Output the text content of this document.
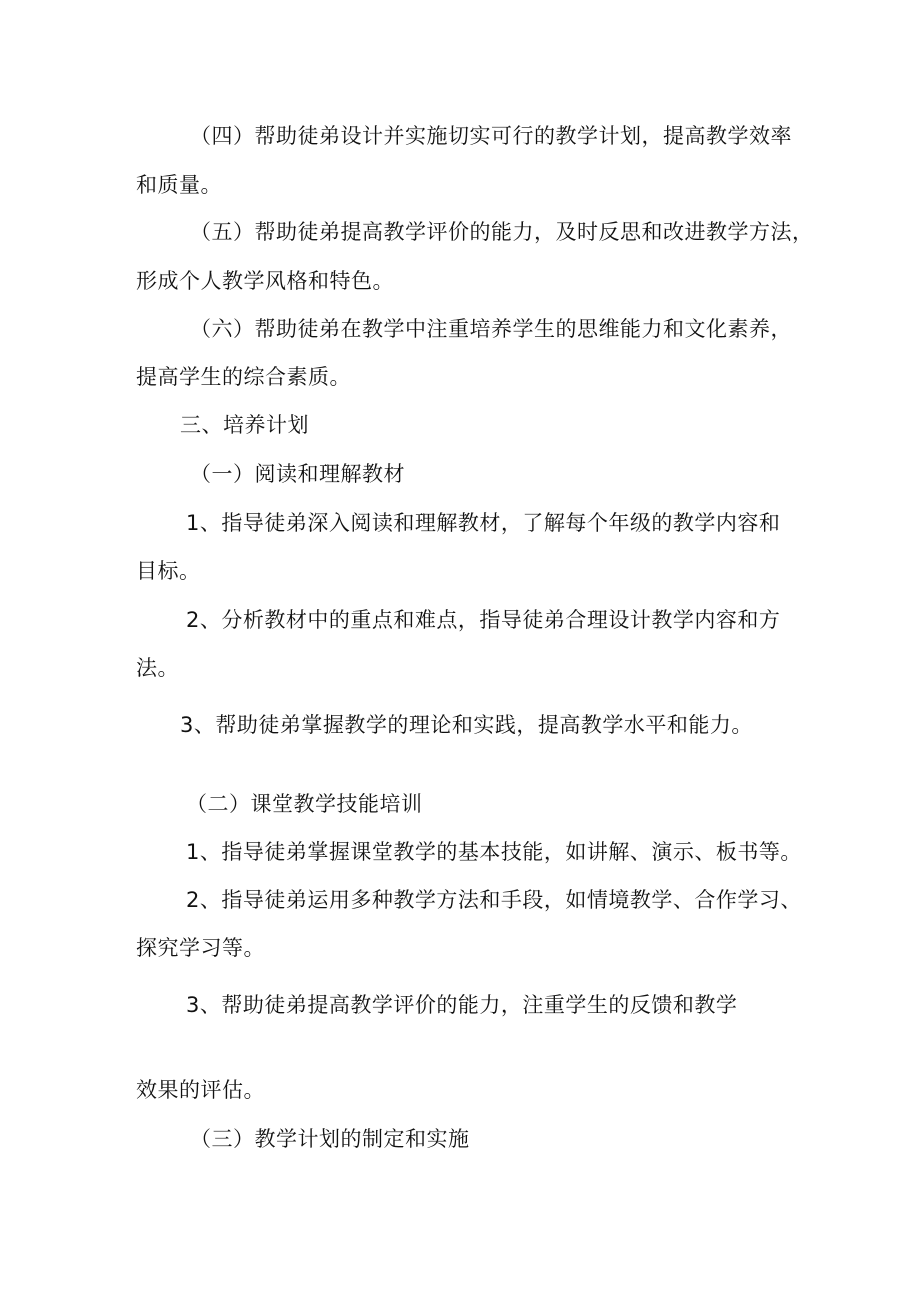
（四）帮助徒弟设计并实施切实可行的教学计划，提高教学效率
和质量。
（五）帮助徒弟提高教学评价的能力，及时反思和改进教学方法，
形成个人教学风格和特色。
（六）帮助徒弟在教学中注重培养学生的思维能力和文化素养，
提高学生的综合素质。
三、培养计划
（一）阅读和理解教材
1、指导徒弟深入阅读和理解教材，了解每个年级的教学内容和
目标。
2、分析教材中的重点和难点，指导徒弟合理设计教学内容和方
法。
3、帮助徒弟掌握教学的理论和实践，提高教学水平和能力。
（二）课堂教学技能培训
1、指导徒弟掌握课堂教学的基本技能，如讲解、演示、板书等。
2、指导徒弟运用多种教学方法和手段，如情境教学、合作学习、
探究学习等。
3、帮助徒弟提高教学评价的能力，注重学生的反馈和教学
效果的评估。
（三）教学计划的制定和实施
